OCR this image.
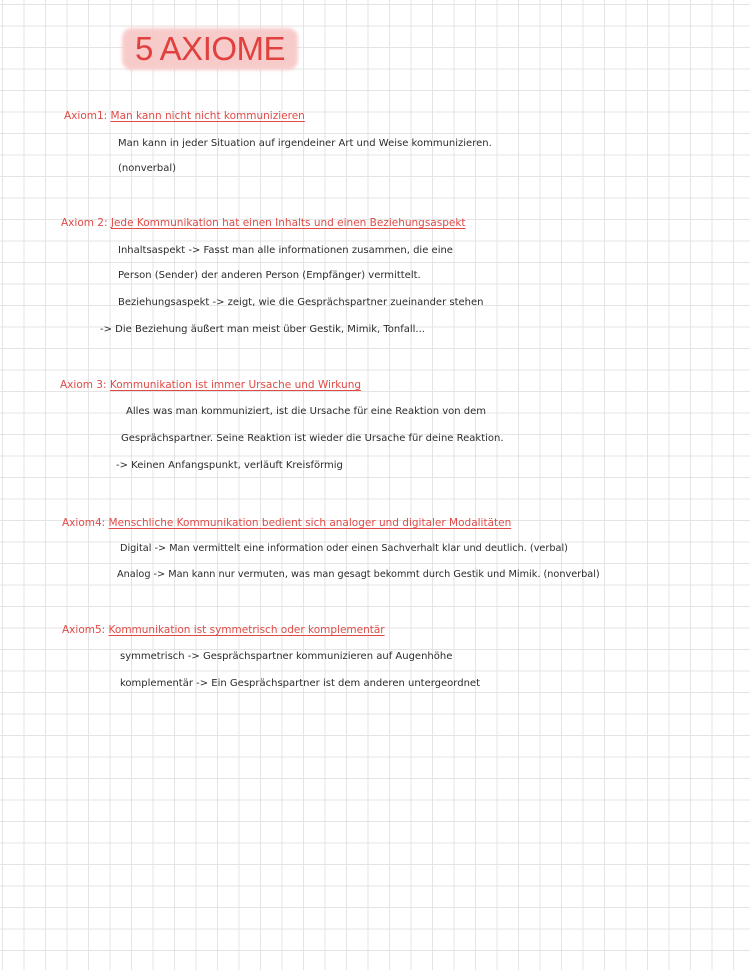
5 AXIOME
Axiom1: Man kann nicht nicht kommunizieren
Man kann in jeder Situation auf irgendeiner Art und Weise kommunizieren.
(nonverbal)
Axiom 2: Jede Kommunikation hat einen Inhalts und einen Beziehungsaspekt
Inhaltsaspekt -> Fasst man alle informationen zusammen, die eine
Person (Sender) der anderen Person (Empfänger) vermittelt.
Beziehungsaspekt -> zeigt, wie die Gesprächspartner zueinander stehen
-> Die Beziehung äußert man meist über Gestik, Mimik, Tonfall...
Axiom 3: Kommunikation ist immer Ursache und Wirkung
Alles was man kommuniziert, ist die Ursache für eine Reaktion von dem
Gesprächspartner. Seine Reaktion ist wieder die Ursache für deine Reaktion.
-> Keinen Anfangspunkt, verläuft Kreisförmig
Axiom4: Menschliche Kommunikation bedient sich analoger und digitaler Modalitäten
Digital -> Man vermittelt eine information oder einen Sachverhalt klar und deutlich. (verbal)
Analog -> Man kann nur vermuten, was man gesagt bekommt durch Gestik und Mimik. (nonverbal)
Axiom5: Kommunikation ist symmetrisch oder komplementär
symmetrisch -> Gesprächspartner kommunizieren auf Augenhöhe
komplementär -> Ein Gesprächspartner ist dem anderen untergeordnet
